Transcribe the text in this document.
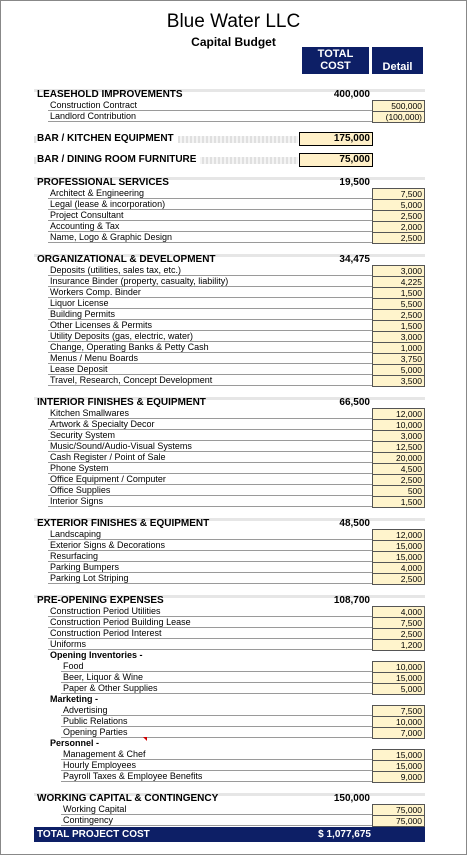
Blue Water LLC
Capital Budget
TOTAL COST	Detail
LEASEHOLD IMPROVEMENTS	400,000
Construction Contract	500,000
Landlord Contribution	(100,000)
BAR / KITCHEN EQUIPMENT	175,000
BAR / DINING ROOM FURNITURE	75,000
PROFESSIONAL SERVICES	19,500
Architect & Engineering	7,500
Legal (lease & incorporation)	5,000
Project Consultant	2,500
Accounting & Tax	2,000
Name, Logo & Graphic Design	2,500
ORGANIZATIONAL & DEVELOPMENT	34,475
Deposits (utilities, sales tax, etc.)	3,000
Insurance Binder (property, casualty, liability)	4,225
Workers Comp. Binder	1,500
Liquor License	5,500
Building Permits	2,500
Other Licenses & Permits	1,500
Utility Deposits (gas, electric, water)	3,000
Change, Operating Banks & Petty Cash	1,000
Menus / Menu Boards	3,750
Lease Deposit	5,000
Travel, Research, Concept Development	3,500
INTERIOR FINISHES & EQUIPMENT	66,500
Kitchen Smallwares	12,000
Artwork & Specialty Decor	10,000
Security System	3,000
Music/Sound/Audio-Visual Systems	12,500
Cash Register / Point of Sale	20,000
Phone System	4,500
Office Equipment / Computer	2,500
Office Supplies	500
Interior Signs	1,500
EXTERIOR FINISHES & EQUIPMENT	48,500
Landscaping	12,000
Exterior Signs & Decorations	15,000
Resurfacing	15,000
Parking Bumpers	4,000
Parking Lot Striping	2,500
PRE-OPENING EXPENSES	108,700
Construction Period Utilities	4,000
Construction Period Building Lease	7,500
Construction Period Interest	2,500
Uniforms	1,200
Opening Inventories -
Food	10,000
Beer, Liquor & Wine	15,000
Paper & Other Supplies	5,000
Marketing -
Advertising	7,500
Public Relations	10,000
Opening Parties	7,000
Personnel -
Management & Chef	15,000
Hourly Employees	15,000
Payroll Taxes & Employee Benefits	9,000
WORKING CAPITAL & CONTINGENCY	150,000
Working Capital	75,000
Contingency	75,000
TOTAL PROJECT COST	$ 1,077,675
